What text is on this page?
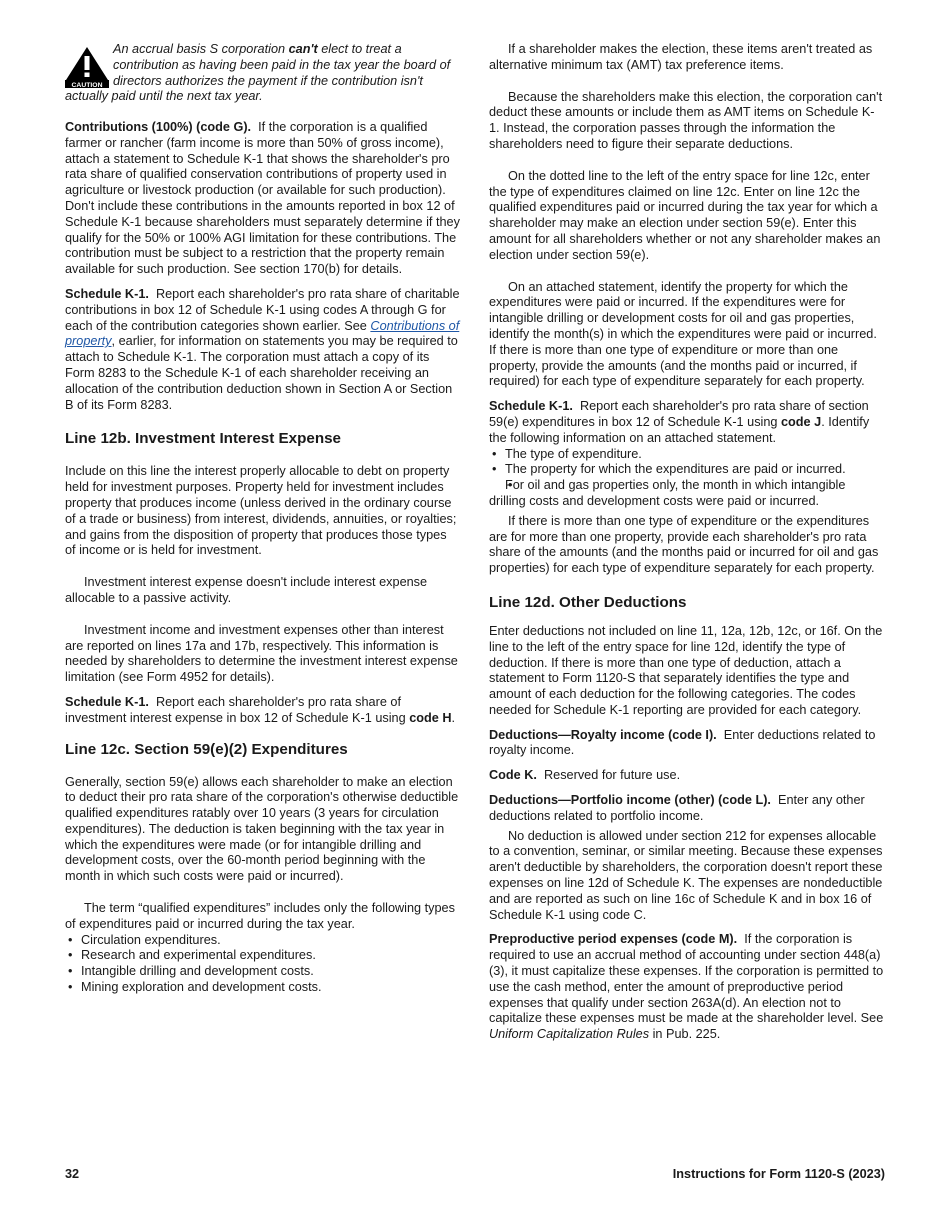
CAUTION
An accrual basis S corporation can't elect to treat a contribution as having been paid in the tax year the board of directors authorizes the payment if the contribution isn't actually paid until the next tax year.

Contributions (100%) (code G). If the corporation is a qualified farmer or rancher (farm income is more than 50% of gross income), attach a statement to Schedule K-1 that shows the shareholder's pro rata share of qualified conservation contributions of property used in agriculture or livestock production (or available for such production). Don't include these contributions in the amounts reported in box 12 of Schedule K-1 because shareholders must separately determine if they qualify for the 50% or 100% AGI limitation for these contributions. The contribution must be subject to a restriction that the property remain available for such production. See section 170(b) for details.

Schedule K-1. Report each shareholder's pro rata share of charitable contributions in box 12 of Schedule K-1 using codes A through G for each of the contribution categories shown earlier. See Contributions of property, earlier, for information on statements you may be required to attach to Schedule K-1. The corporation must attach a copy of its Form 8283 to the Schedule K-1 of each shareholder receiving an allocation of the contribution deduction shown in Section A or Section B of its Form 8283.

Line 12b. Investment Interest Expense

Include on this line the interest properly allocable to debt on property held for investment purposes. Property held for investment includes property that produces income (unless derived in the ordinary course of a trade or business) from interest, dividends, annuities, or royalties; and gains from the disposition of property that produces those types of income or is held for investment.

Investment interest expense doesn't include interest expense allocable to a passive activity.

Investment income and investment expenses other than interest are reported on lines 17a and 17b, respectively. This information is needed by shareholders to determine the investment interest expense limitation (see Form 4952 for details).

Schedule K-1. Report each shareholder's pro rata share of investment interest expense in box 12 of Schedule K-1 using code H.

Line 12c. Section 59(e)(2) Expenditures

Generally, section 59(e) allows each shareholder to make an election to deduct their pro rata share of the corporation's otherwise deductible qualified expenditures ratably over 10 years (3 years for circulation expenditures). The deduction is taken beginning with the tax year in which the expenditures were made (or for intangible drilling and development costs, over the 60-month period beginning with the month in which such costs were paid or incurred).

The term “qualified expenditures” includes only the following types of expenditures paid or incurred during the tax year.

• Circulation expenditures.
• Research and experimental expenditures.
• Intangible drilling and development costs.
• Mining exploration and development costs.

If a shareholder makes the election, these items aren't treated as alternative minimum tax (AMT) tax preference items.

Because the shareholders make this election, the corporation can't deduct these amounts or include them as AMT items on Schedule K-1. Instead, the corporation passes through the information the shareholders need to figure their separate deductions.

On the dotted line to the left of the entry space for line 12c, enter the type of expenditures claimed on line 12c. Enter on line 12c the qualified expenditures paid or incurred during the tax year for which a shareholder may make an election under section 59(e). Enter this amount for all shareholders whether or not any shareholder makes an election under section 59(e).

On an attached statement, identify the property for which the expenditures were paid or incurred. If the expenditures were for intangible drilling or development costs for oil and gas properties, identify the month(s) in which the expenditures were paid or incurred. If there is more than one type of expenditure or more than one property, provide the amounts (and the months paid or incurred, if required) for each type of expenditure separately for each property.

Schedule K-1. Report each shareholder's pro rata share of section 59(e) expenditures in box 12 of Schedule K-1 using code J. Identify the following information on an attached statement.

• The type of expenditure.
• The property for which the expenditures are paid or incurred.
• For oil and gas properties only, the month in which intangible drilling costs and development costs were paid or incurred.

If there is more than one type of expenditure or the expenditures are for more than one property, provide each shareholder's pro rata share of the amounts (and the months paid or incurred for oil and gas properties) for each type of expenditure separately for each property.

Line 12d. Other Deductions

Enter deductions not included on line 11, 12a, 12b, 12c, or 16f. On the line to the left of the entry space for line 12d, identify the type of deduction. If there is more than one type of deduction, attach a statement to Form 1120-S that separately identifies the type and amount of each deduction for the following categories. The codes needed for Schedule K-1 reporting are provided for each category.

Deductions—Royalty income (code I). Enter deductions related to royalty income.

Code K. Reserved for future use.

Deductions—Portfolio income (other) (code L). Enter any other deductions related to portfolio income.

No deduction is allowed under section 212 for expenses allocable to a convention, seminar, or similar meeting. Because these expenses aren't deductible by shareholders, the corporation doesn't report these expenses on line 12d of Schedule K. The expenses are nondeductible and are reported as such on line 16c of Schedule K and in box 16 of Schedule K-1 using code C.

Preproductive period expenses (code M). If the corporation is required to use an accrual method of accounting under section 448(a)(3), it must capitalize these expenses. If the corporation is permitted to use the cash method, enter the amount of preproductive period expenses that qualify under section 263A(d). An election not to capitalize these expenses must be made at the shareholder level. See Uniform Capitalization Rules in Pub. 225.

32	Instructions for Form 1120-S (2023)
